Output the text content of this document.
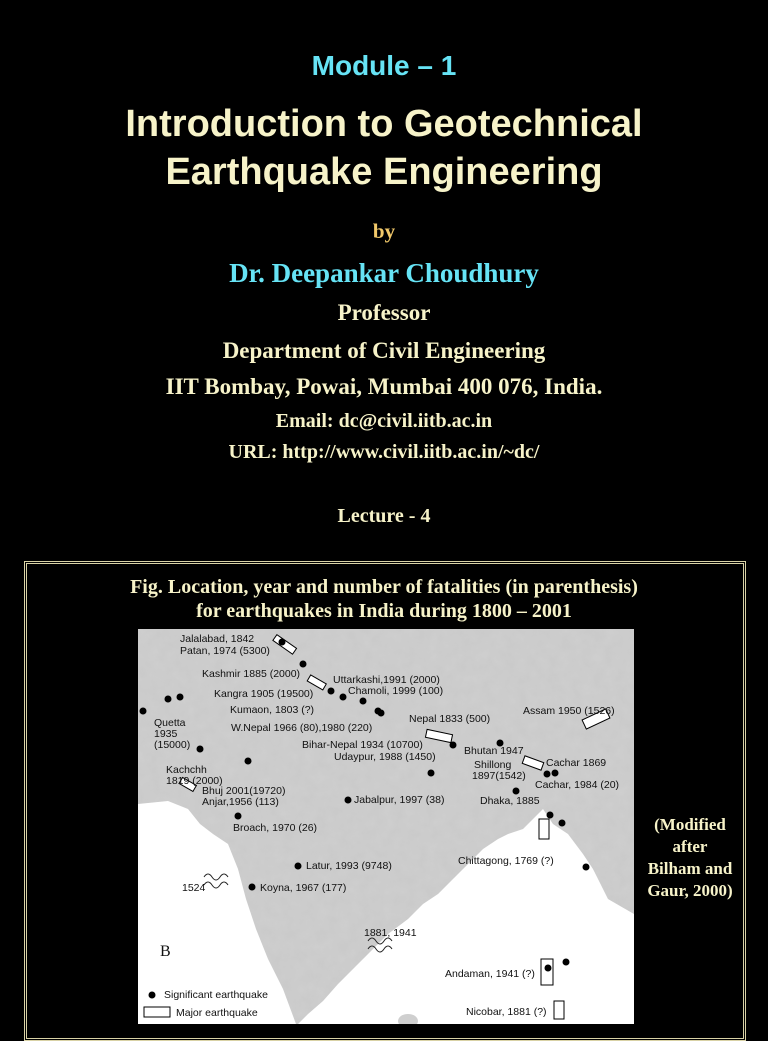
Module – 1
Introduction to Geotechnical
Earthquake Engineering
by
Dr. Deepankar Choudhury
Professor
Department of Civil Engineering
IIT Bombay, Powai, Mumbai 400 076, India.
Email: dc@civil.iitb.ac.in
URL: http://www.civil.iitb.ac.in/~dc/
Lecture - 4
Fig. Location, year and number of fatalities (in parenthesis)
for earthquakes in India during 1800 – 2001
(Modified
after
Bilham and
Gaur, 2000)
Jalalabad, 1842
Patan, 1974 (5300)
Kashmir 1885 (2000)	Uttarkashi,1991 (2000)
Chamoli, 1999 (100)
Kangra 1905 (19500)
Kumaon, 1803 (?)
Quetta
1935
(15000)
W.Nepal 1966 (80),1980 (220)
Nepal 1833 (500)
Assam 1950 (1526)
Bihar-Nepal 1934 (10700)
Udaypur, 1988 (1450)	Bhutan 1947
Shillong
1897(1542)
Cachar 1869
Cachar, 1984 (20)
Kachchh
1819 (2000)
Bhuj 2001(19720)
Anjar,1956 (113)	Jabalpur, 1997 (38)	Dhaka, 1885
Broach, 1970 (26)
Latur, 1993 (9748)	Chittagong, 1769 (?)
1524	Koyna, 1967 (177)
1881, 1941
Andaman, 1941 (?)
Nicobar, 1881 (?)
B
Significant earthquake
Major earthquake
